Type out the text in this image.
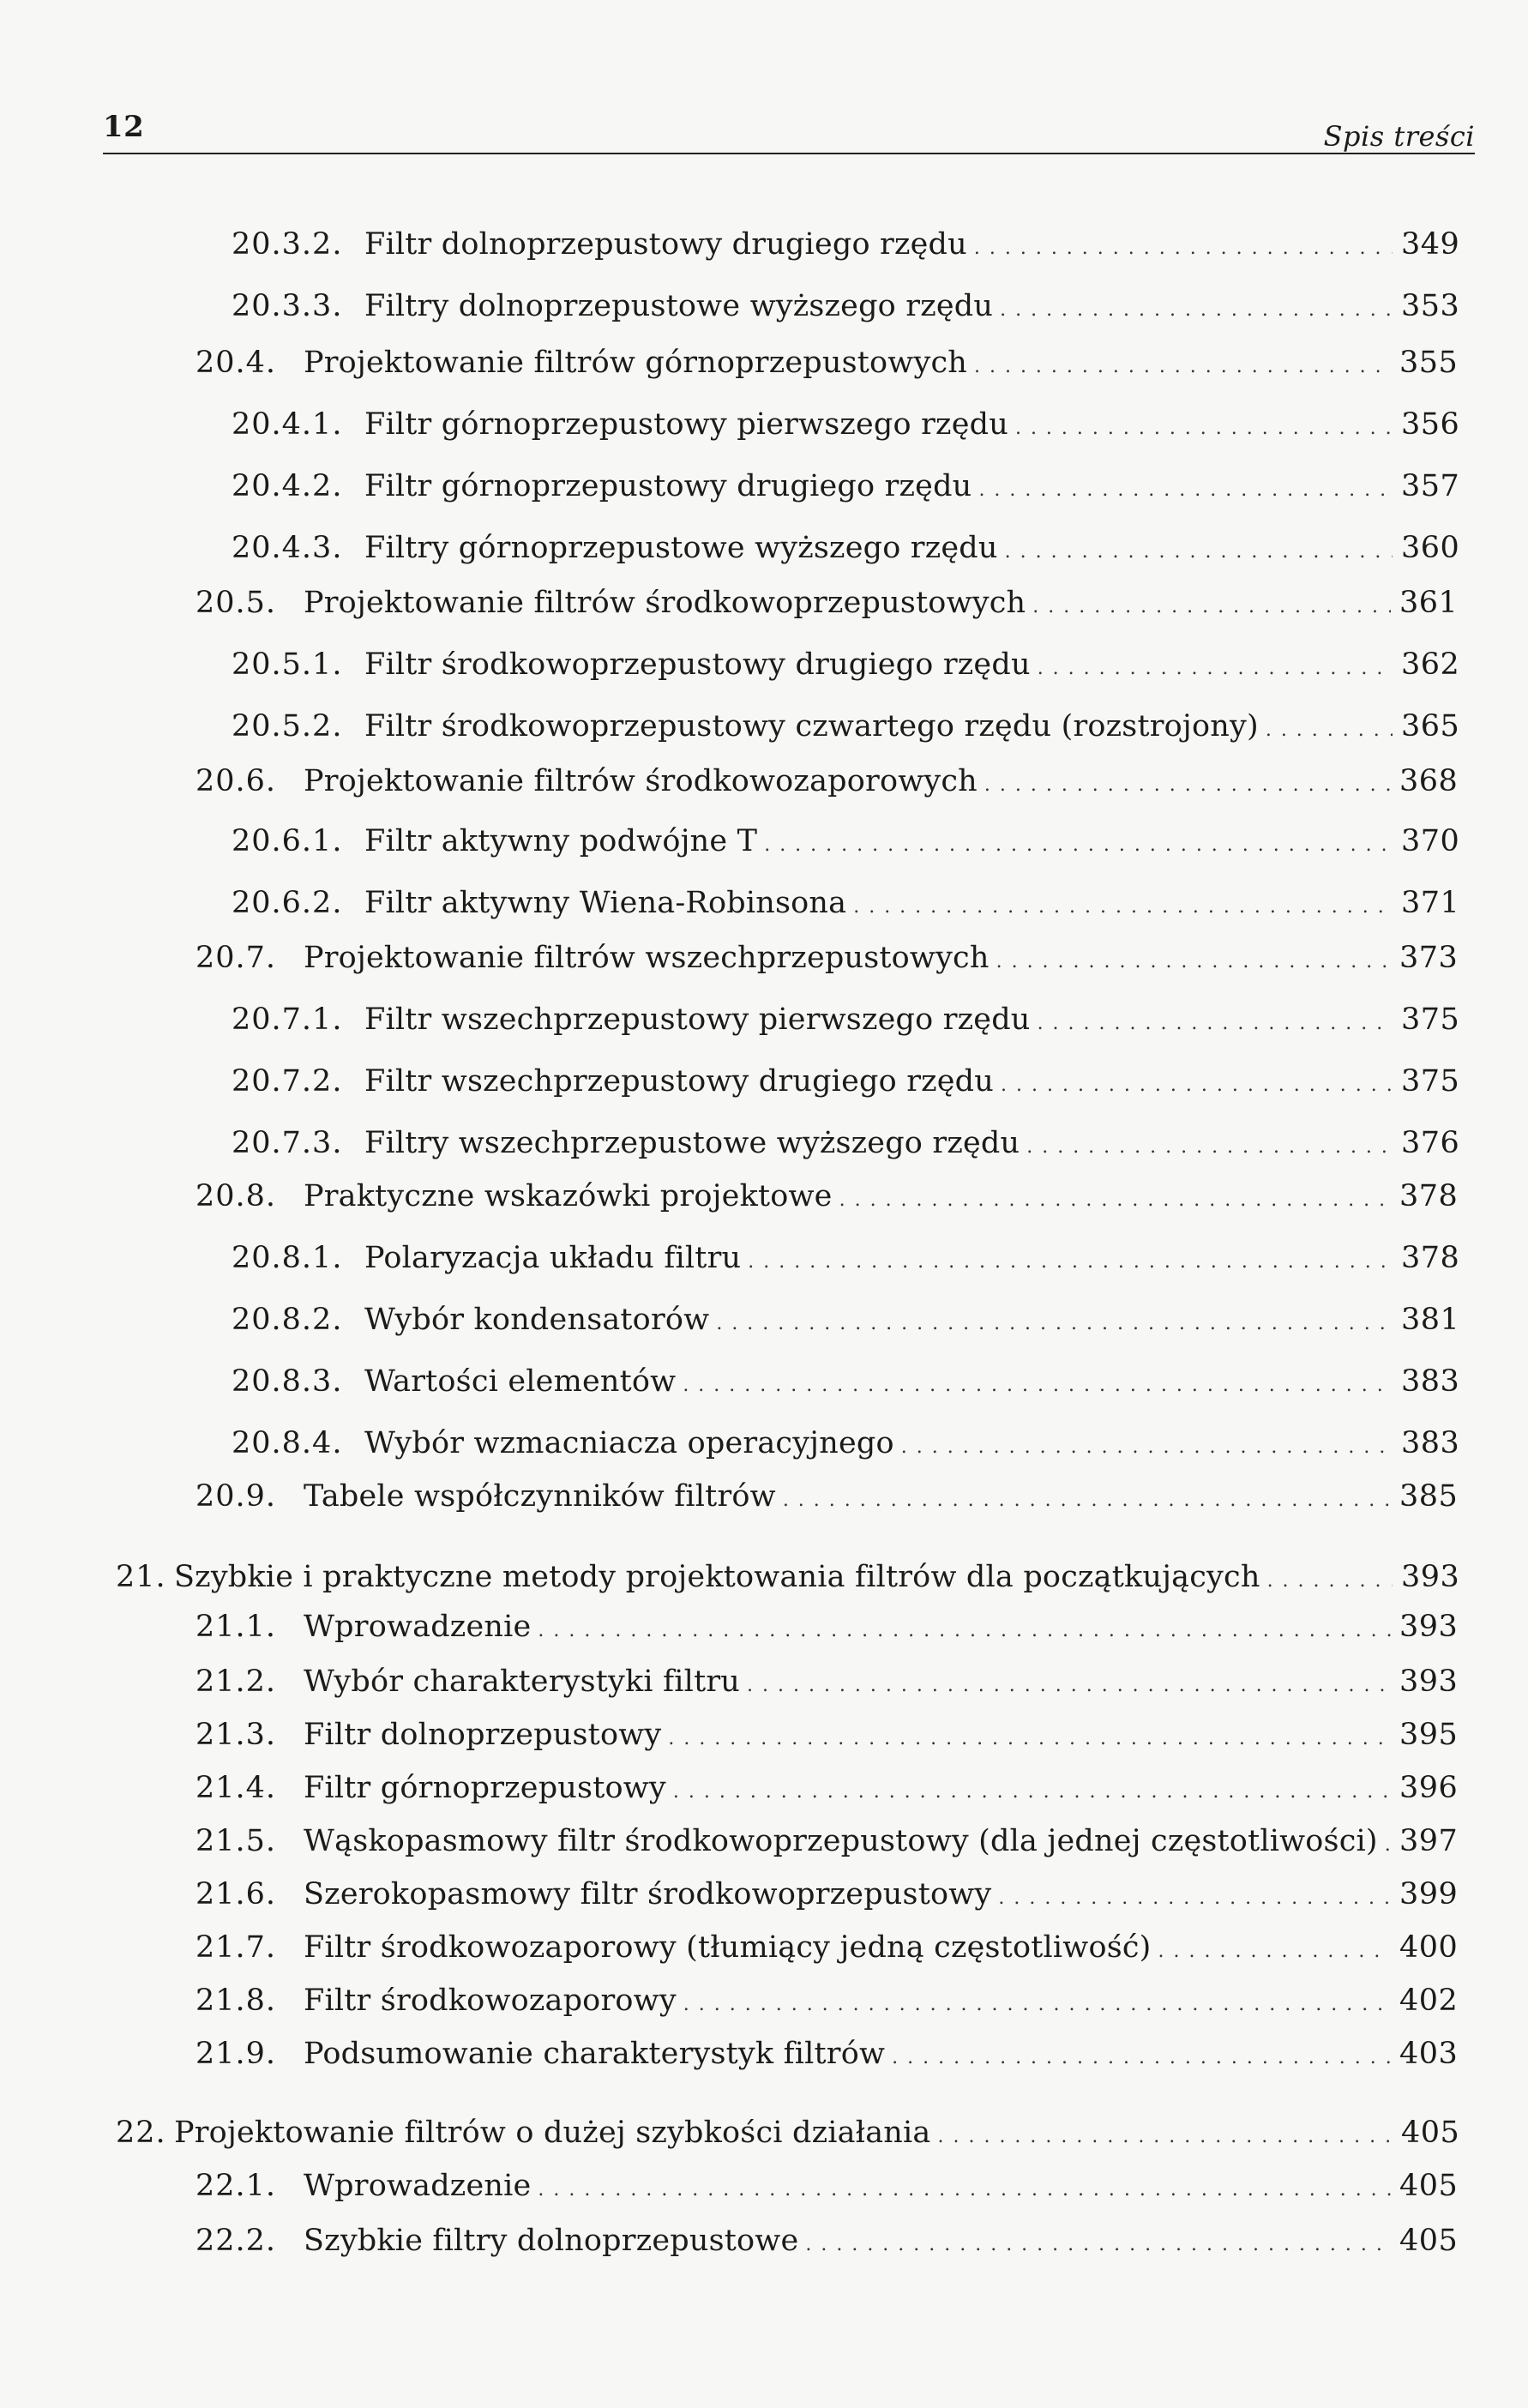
12	Spis treści
20.3.2. Filtr dolnoprzepustowy drugiego rzędu . . .	349
20.3.3. Filtry dolnoprzepustowe wyższego rzędu . . .	353
20.4. Projektowanie filtrów górnoprzepustowych . . .	355
20.4.1. Filtr górnoprzepustowy pierwszego rzędu . . .	356
20.4.2. Filtr górnoprzepustowy drugiego rzędu . . .	357
20.4.3. Filtry górnoprzepustowe wyższego rzędu . . .	360
20.5. Projektowanie filtrów środkowoprzepustowych . . .	361
20.5.1. Filtr środkowoprzepustowy drugiego rzędu . . .	362
20.5.2. Filtr środkowoprzepustowy czwartego rzędu (rozstrojony) . . .	365
20.6. Projektowanie filtrów środkowozaporowych . . .	368
20.6.1. Filtr aktywny podwójne T . . .	370
20.6.2. Filtr aktywny Wiena-Robinsona . . .	371
20.7. Projektowanie filtrów wszechprzepustowych . . .	373
20.7.1. Filtr wszechprzepustowy pierwszego rzędu . . .	375
20.7.2. Filtr wszechprzepustowy drugiego rzędu . . .	375
20.7.3. Filtry wszechprzepustowe wyższego rzędu . . .	376
20.8. Praktyczne wskazówki projektowe . . .	378
20.8.1. Polaryzacja układu filtru . . .	378
20.8.2. Wybór kondensatorów . . .	381
20.8.3. Wartości elementów . . .	383
20.8.4. Wybór wzmacniacza operacyjnego . . .	383
20.9. Tabele współczynników filtrów . . .	385
21. Szybkie i praktyczne metody projektowania filtrów dla początkujących . . .	393
21.1. Wprowadzenie . . .	393
21.2. Wybór charakterystyki filtru . . .	393
21.3. Filtr dolnoprzepustowy . . .	395
21.4. Filtr górnoprzepustowy . . .	396
21.5. Wąskopasmowy filtr środkowoprzepustowy (dla jednej częstotliwości) . . . 397
21.6. Szerokopasmowy filtr środkowoprzepustowy . . .	399
21.7. Filtr środkowozaporowy (tłumiący jedną częstotliwość) . . .	400
21.8. Filtr środkowozaporowy . . .	402
21.9. Podsumowanie charakterystyk filtrów . . .	403
22. Projektowanie filtrów o dużej szybkości działania . . .	405
22.1. Wprowadzenie . . .	405
22.2. Szybkie filtry dolnoprzepustowe . . .	405
